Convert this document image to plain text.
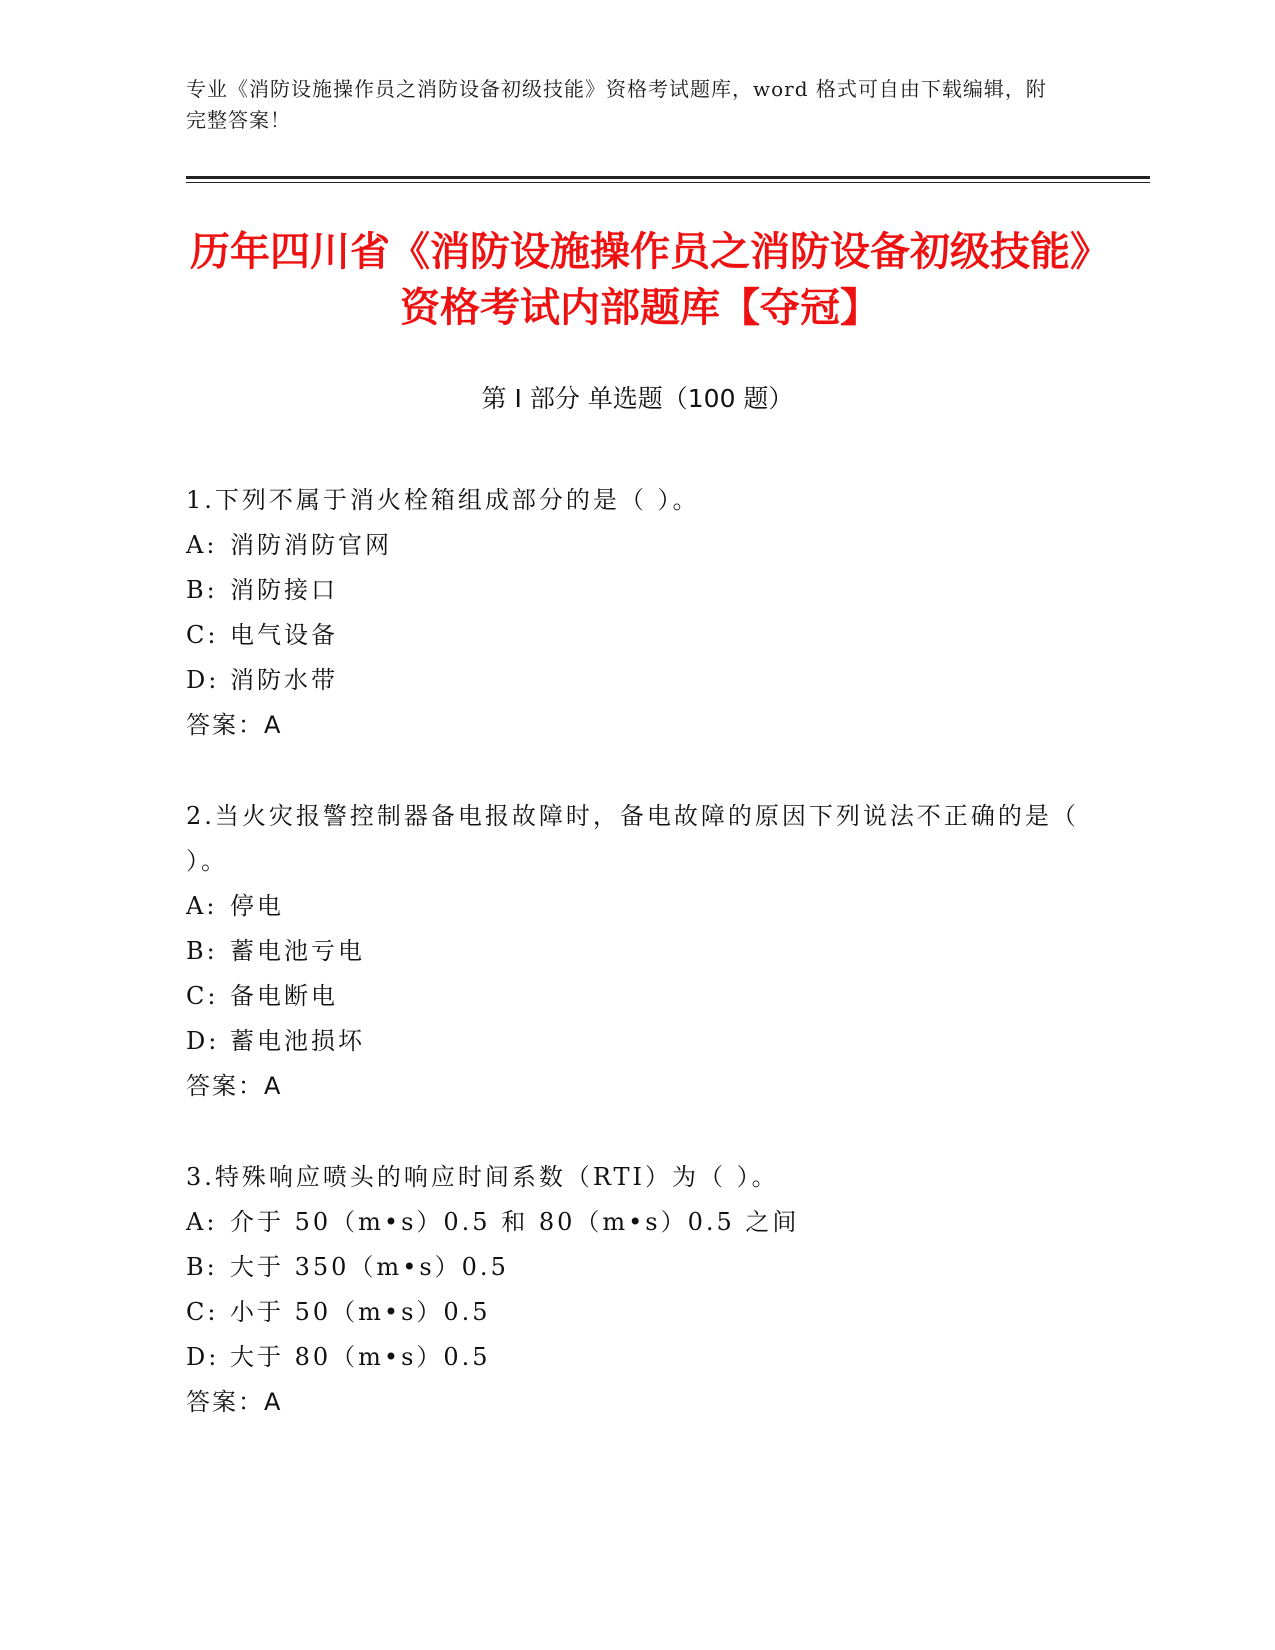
专业《消防设施操作员之消防设备初级技能》资格考试题库，word 格式可自由下载编辑，附完整答案！
历年四川省《消防设施操作员之消防设备初级技能》资格考试内部题库【夺冠】
第 I 部分 单选题（100 题）
1.下列不属于消火栓箱组成部分的是（ ）。
A: 消防消防官网
B: 消防接口
C: 电气设备
D: 消防水带
答案：A
2.当火灾报警控制器备电报故障时，备电故障的原因下列说法不正确的是（ ）。
A: 停电
B: 蓄电池亏电
C: 备电断电
D: 蓄电池损坏
答案：A
3.特殊响应喷头的响应时间系数（RTI）为（ ）。
A: 介于 50（m•s）0.5 和 80（m•s）0.5 之间
B: 大于 350（m•s）0.5
C: 小于 50（m•s）0.5
D: 大于 80（m•s）0.5
答案：A
